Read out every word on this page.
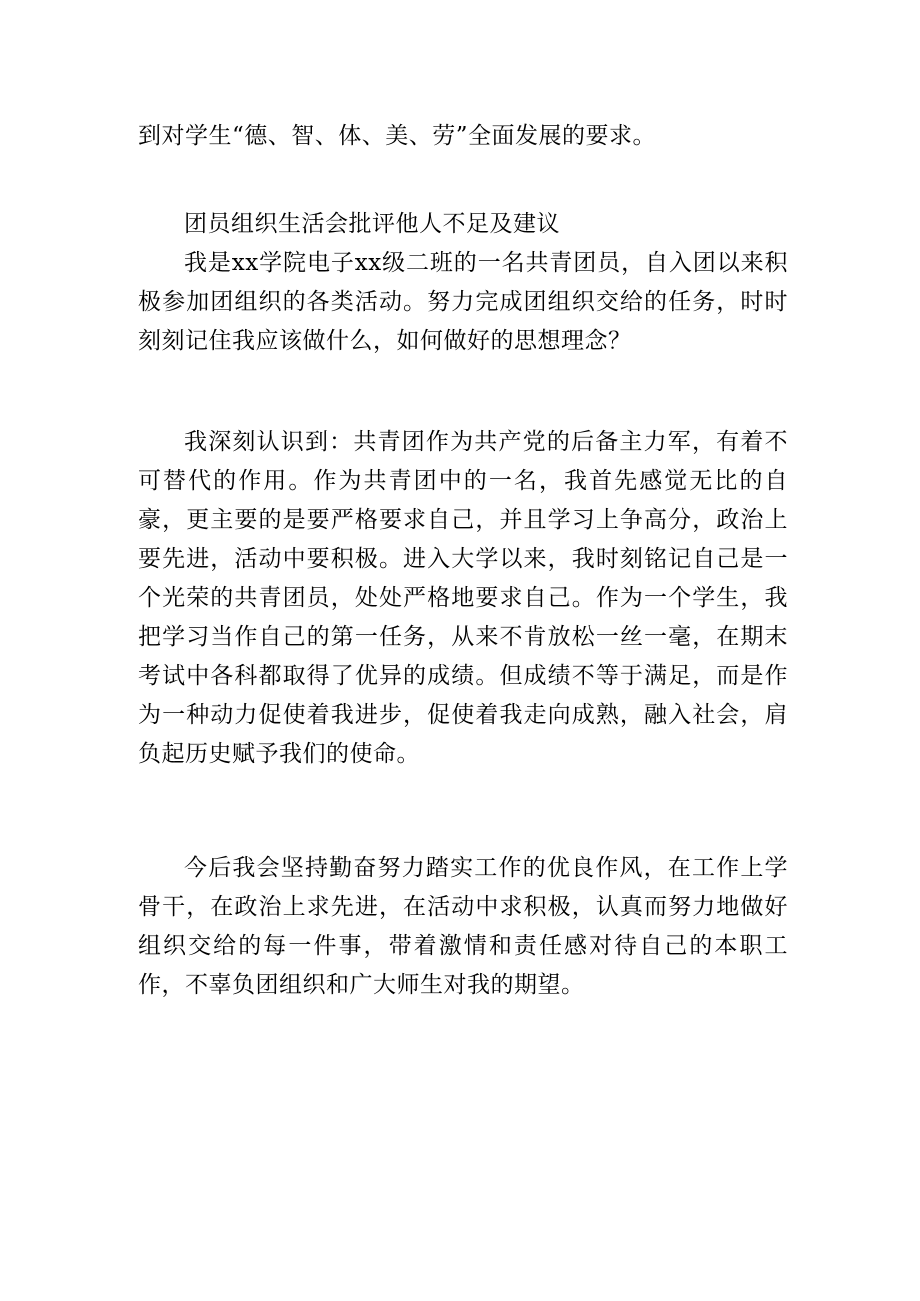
到对学生“德、智、体、美、劳”全面发展的要求。

团员组织生活会批评他人不足及建议

我是xx学院电子xx级二班的一名共青团员，自入团以来积极参加团组织的各类活动。努力完成团组织交给的任务，时时刻刻记住我应该做什么，如何做好的思想理念？

我深刻认识到：共青团作为共产党的后备主力军，有着不可替代的作用。作为共青团中的一名，我首先感觉无比的自豪，更主要的是要严格要求自己，并且学习上争高分，政治上要先进，活动中要积极。进入大学以来，我时刻铭记自己是一个光荣的共青团员，处处严格地要求自己。作为一个学生，我把学习当作自己的第一任务，从来不肯放松一丝一毫，在期末考试中各科都取得了优异的成绩。但成绩不等于满足，而是作为一种动力促使着我进步，促使着我走向成熟，融入社会，肩负起历史赋予我们的使命。

今后我会坚持勤奋努力踏实工作的优良作风，在工作上学骨干，在政治上求先进，在活动中求积极，认真而努力地做好组织交给的每一件事，带着激情和责任感对待自己的本职工作，不辜负团组织和广大师生对我的期望。
